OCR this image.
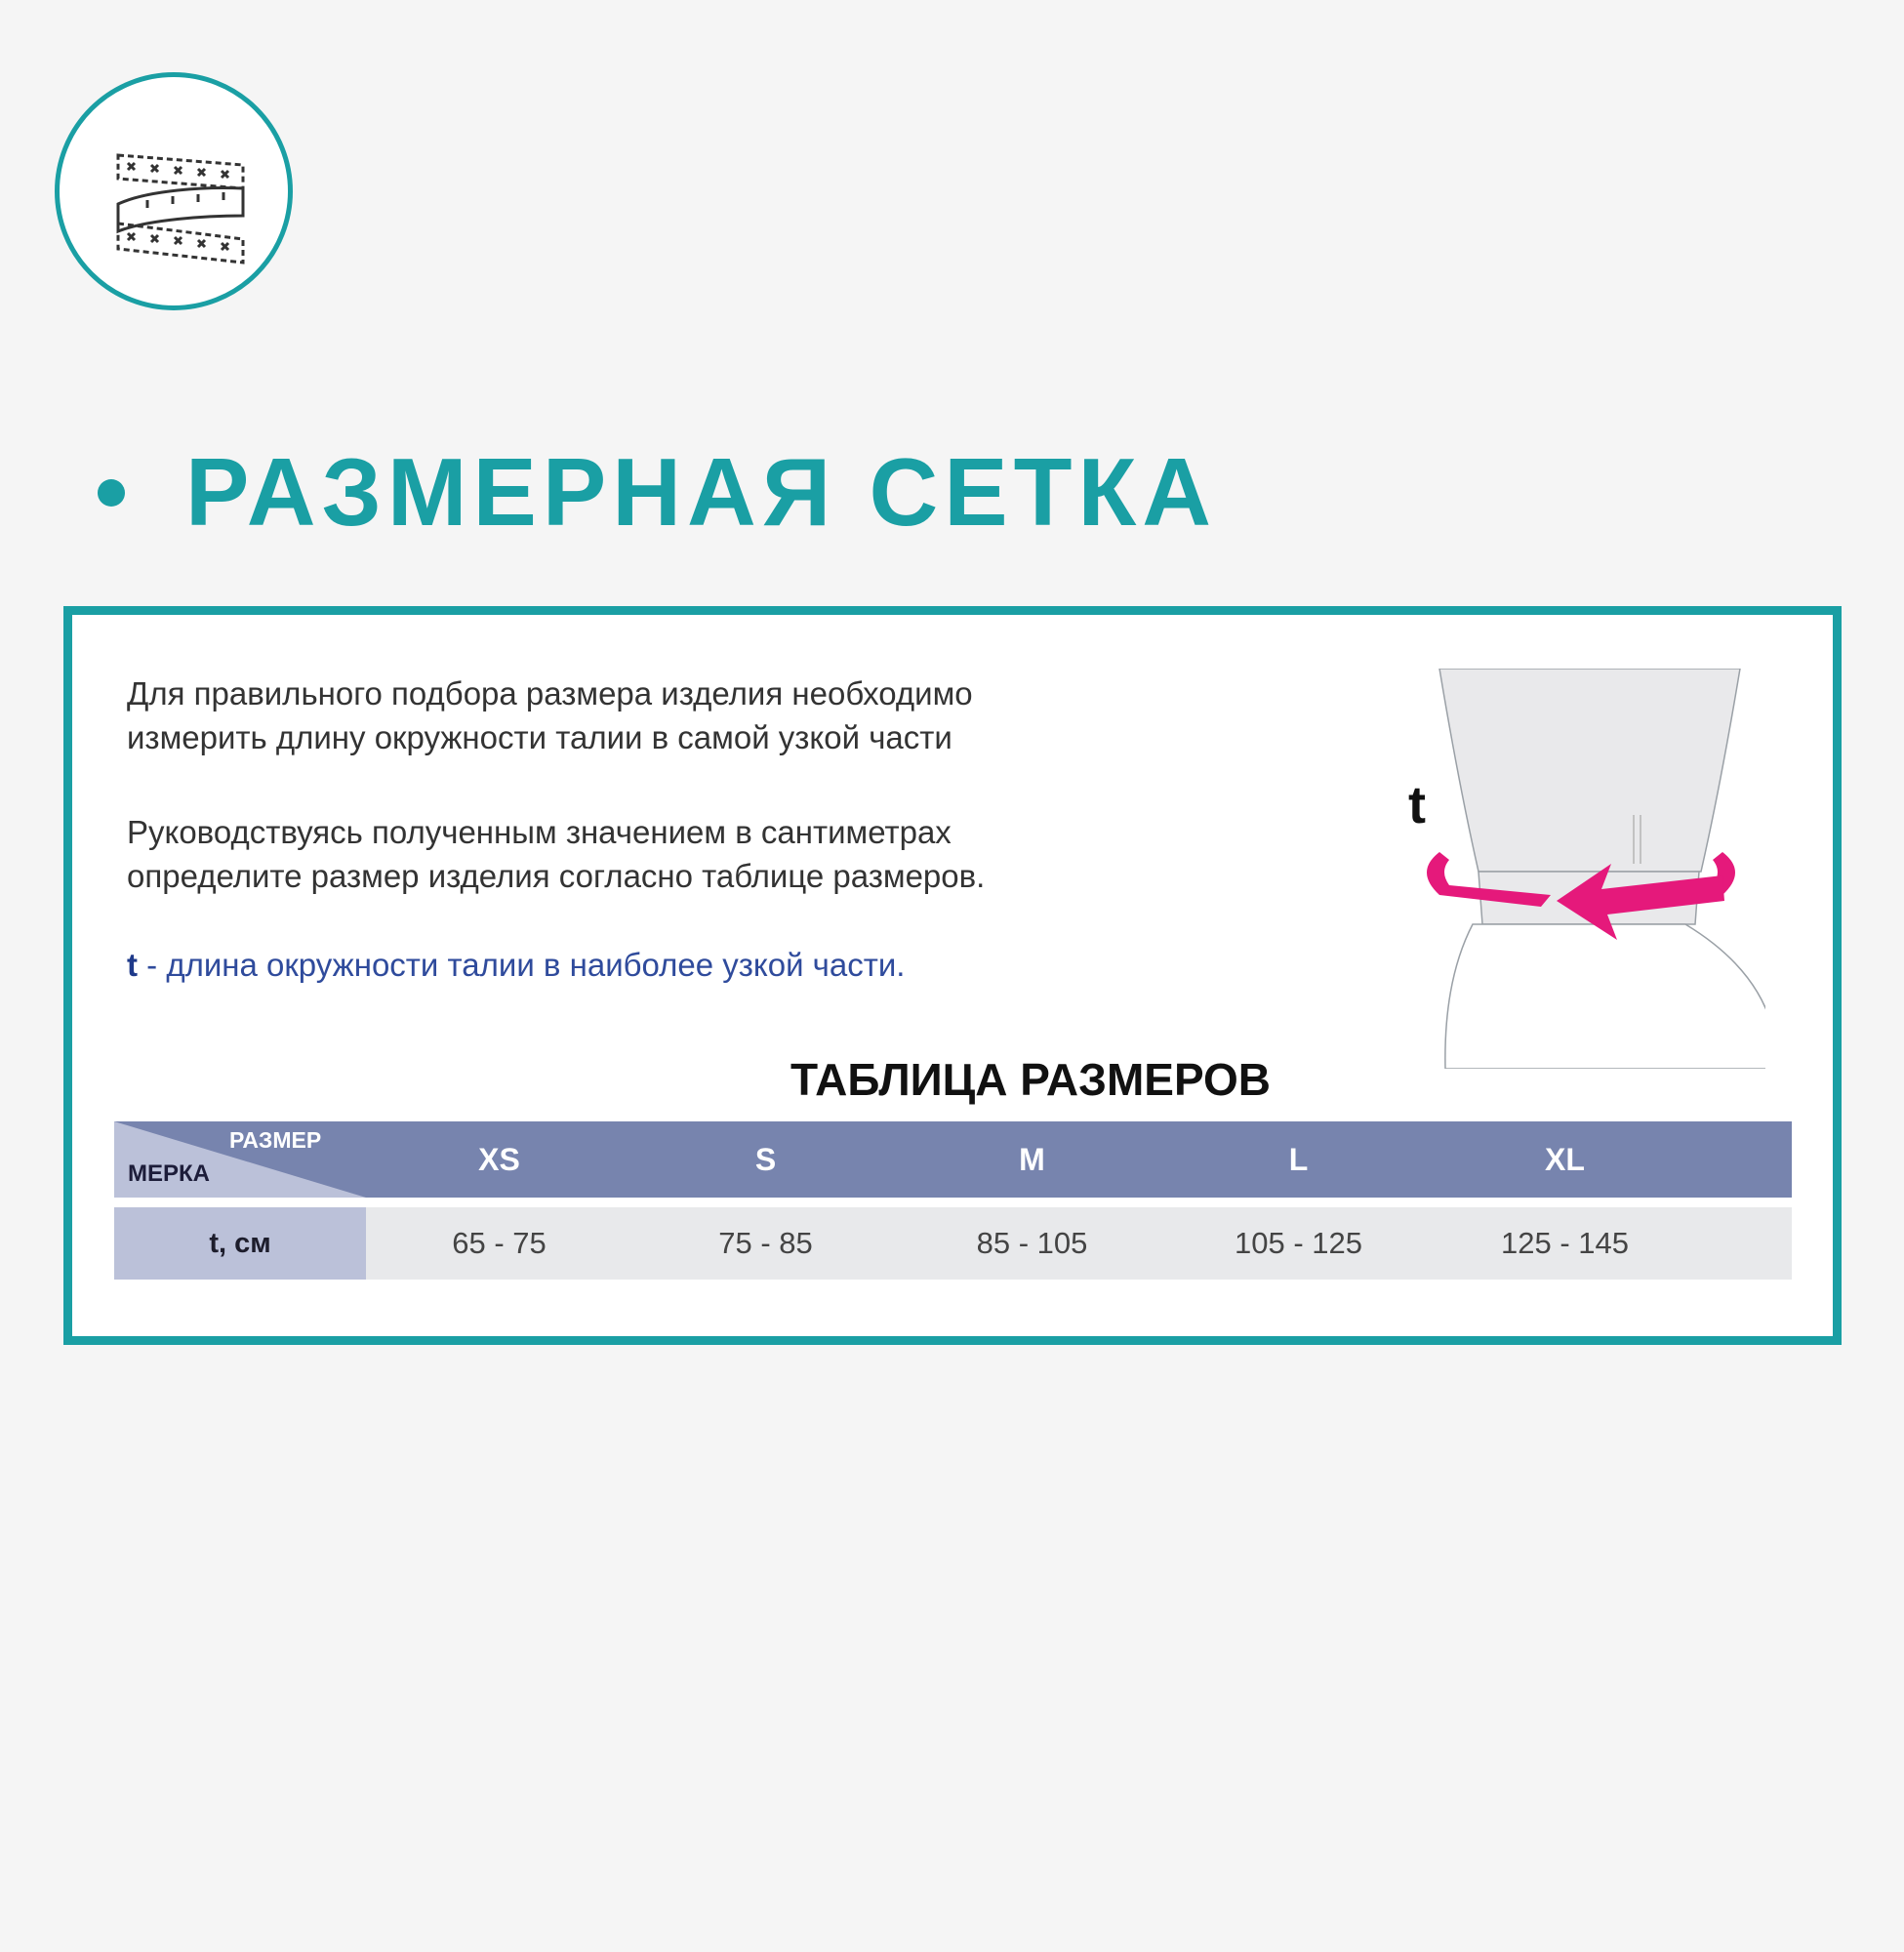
РАЗМЕРНАЯ СЕТКА

Для правильного подбора размера изделия необходимо
измерить длину окружности талии в самой узкой части

Руководствуясь полученным значением в сантиметрах
определите размер изделия согласно таблице размеров.

t - длина окружности талии в наиболее узкой части.

t

ТАБЛИЦА РАЗМЕРОВ

РАЗМЕР
МЕРКА	XS	S	M	L	XL
t, см	65 - 75	75 - 85	85 - 105	105 - 125	125 - 145
